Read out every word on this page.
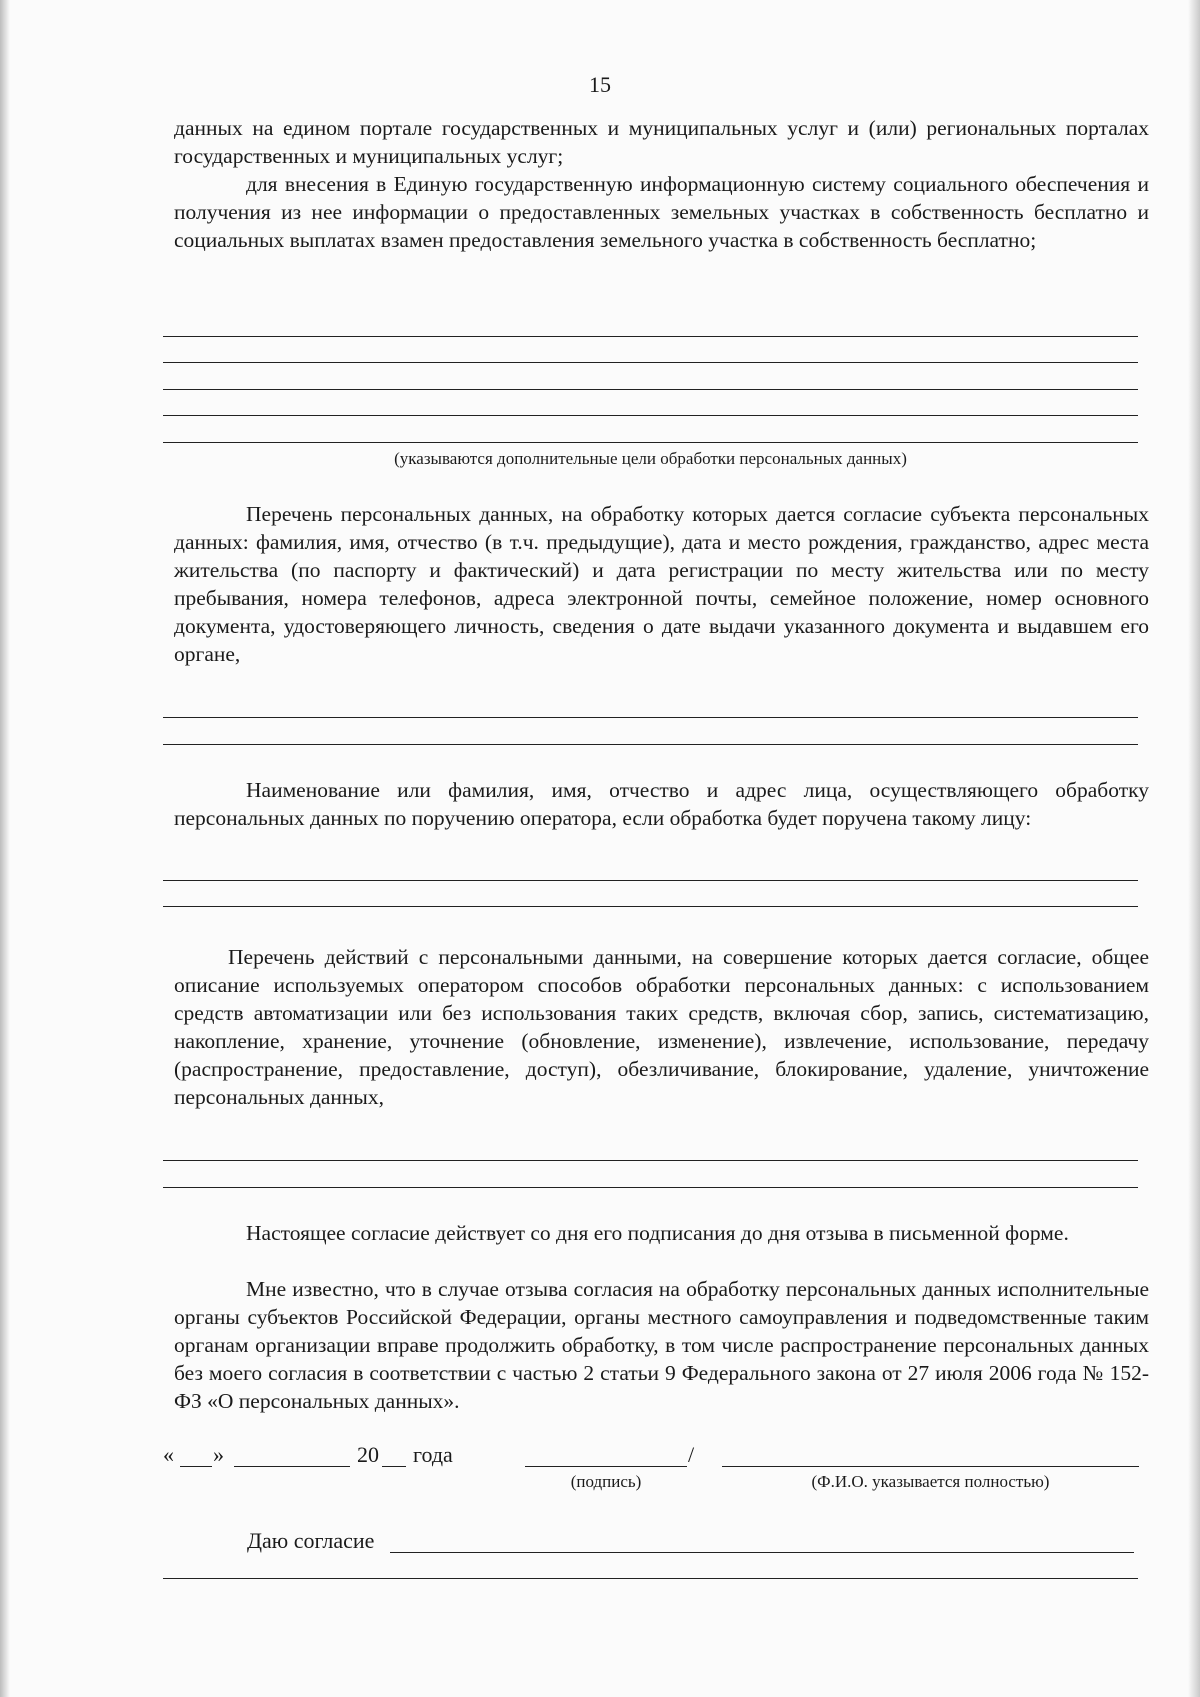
15

данных на едином портале государственных и муниципальных услуг и (или) региональных порталах государственных и муниципальных услуг;

для внесения в Единую государственную информационную систему социального обеспечения и получения из нее информации о предоставленных земельных участках в собственность бесплатно и социальных выплатах взамен предоставления земельного участка в собственность бесплатно;

(указываются дополнительные цели обработки персональных данных)

Перечень персональных данных, на обработку которых дается согласие субъекта персональных данных: фамилия, имя, отчество (в т.ч. предыдущие), дата и место рождения, гражданство, адрес места жительства (по паспорту и фактический) и дата регистрации по месту жительства или по месту пребывания, номера телефонов, адреса электронной почты, семейное положение, номер основного документа, удостоверяющего личность, сведения о дате выдачи указанного документа и выдавшем его органе,

Наименование или фамилия, имя, отчество и адрес лица, осуществляющего обработку персональных данных по поручению оператора, если обработка будет поручена такому лицу:

Перечень действий с персональными данными, на совершение которых дается согласие, общее описание используемых оператором способов обработки персональных данных: с использованием средств автоматизации или без использования таких средств, включая сбор, запись, систематизацию, накопление, хранение, уточнение (обновление, изменение), извлечение, использование, передачу (распространение, предоставление, доступ), обезличивание, блокирование, удаление, уничтожение персональных данных,

Настоящее согласие действует со дня его подписания до дня отзыва в письменной форме.

Мне известно, что в случае отзыва согласия на обработку персональных данных исполнительные органы субъектов Российской Федерации, органы местного самоуправления и подведомственные таким органам организации вправе продолжить обработку, в том числе распространение персональных данных без моего согласия в соответствии с частью 2 статьи 9 Федерального закона от 27 июля 2006 года № 152-ФЗ «О персональных данных».

« »	20 года	/
(подпись)	(Ф.И.О. указывается полностью)
Даю согласие
